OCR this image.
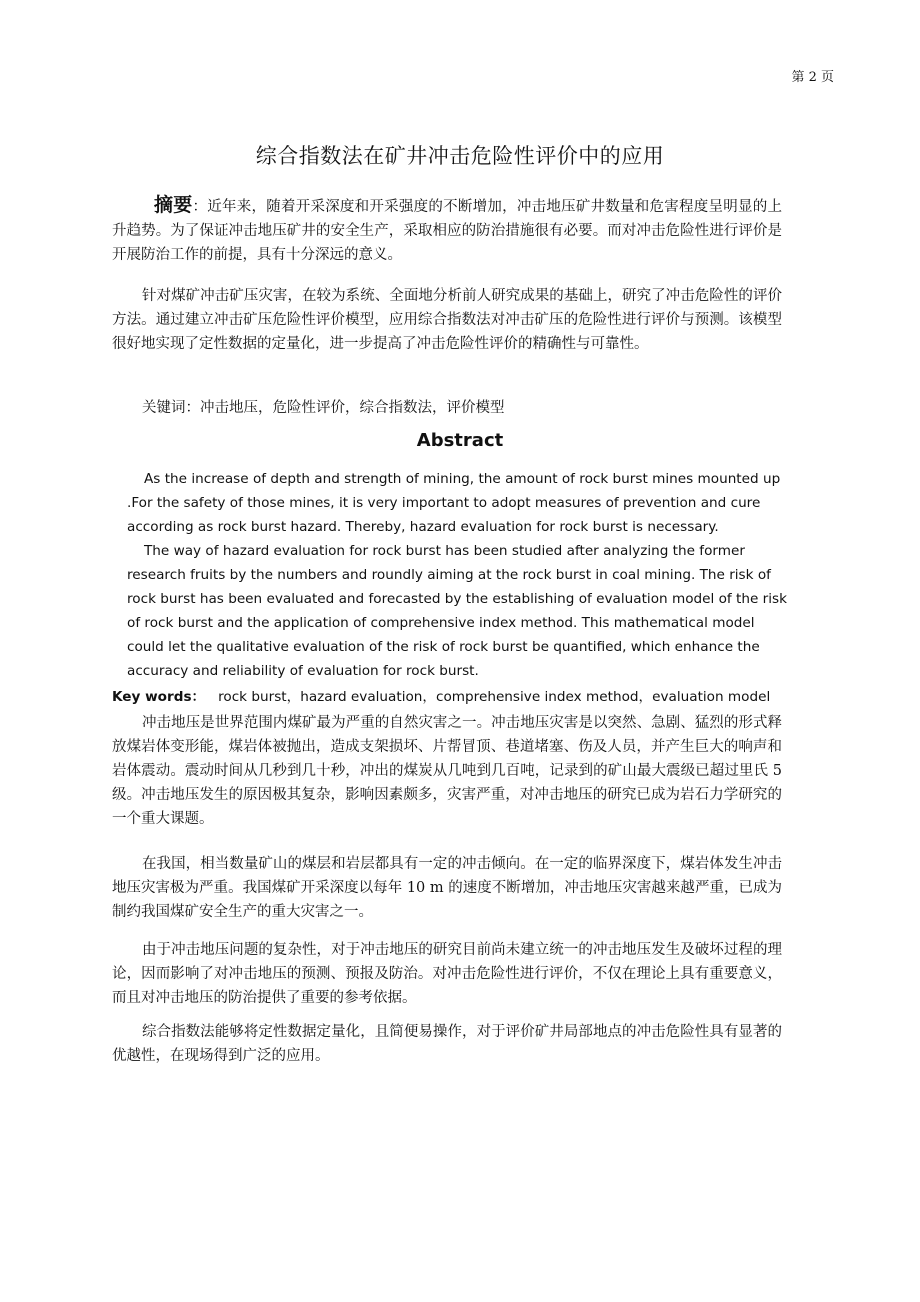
第 2 页
综合指数法在矿井冲击危险性评价中的应用

摘要：近年来，随着开采深度和开采强度的不断增加，冲击地压矿井数量和危害程度呈明显的上升趋势。为了保证冲击地压矿井的安全生产，采取相应的防治措施很有必要。而对冲击危险性进行评价是开展防治工作的前提，具有十分深远的意义。

针对煤矿冲击矿压灾害，在较为系统、全面地分析前人研究成果的基础上，研究了冲击危险性的评价方法。通过建立冲击矿压危险性评价模型，应用综合指数法对冲击矿压的危险性进行评价与预测。该模型很好地实现了定性数据的定量化，进一步提高了冲击危险性评价的精确性与可靠性。

关键词：冲击地压，危险性评价，综合指数法，评价模型

Abstract

As the increase of depth and strength of mining, the amount of rock burst mines mounted up .For the safety of those mines, it is very important to adopt measures of prevention and cure according as rock burst hazard. Thereby, hazard evaluation for rock burst is necessary.

The way of hazard evaluation for rock burst has been studied after analyzing the former research fruits by the numbers and roundly aiming at the rock burst in coal mining. The risk of rock burst has been evaluated and forecasted by the establishing of evaluation model of the risk of rock burst and the application of comprehensive index method. This mathematical model could let the qualitative evaluation of the risk of rock burst be quantified, which enhance the accuracy and reliability of evaluation for rock burst.

Key words： rock burst，hazard evaluation，comprehensive index method，evaluation model

冲击地压是世界范围内煤矿最为严重的自然灾害之一。冲击地压灾害是以突然、急剧、猛烈的形式释放煤岩体变形能，煤岩体被抛出，造成支架损坏、片帮冒顶、巷道堵塞、伤及人员，并产生巨大的响声和岩体震动。震动时间从几秒到几十秒，冲出的煤炭从几吨到几百吨，记录到的矿山最大震级已超过里氏 5 级。冲击地压发生的原因极其复杂，影响因素颇多，灾害严重，对冲击地压的研究已成为岩石力学研究的一个重大课题。

在我国，相当数量矿山的煤层和岩层都具有一定的冲击倾向。在一定的临界深度下，煤岩体发生冲击地压灾害极为严重。我国煤矿开采深度以每年 10 m 的速度不断增加，冲击地压灾害越来越严重，已成为制约我国煤矿安全生产的重大灾害之一。

由于冲击地压问题的复杂性，对于冲击地压的研究目前尚未建立统一的冲击地压发生及破坏过程的理论，因而影响了对冲击地压的预测、预报及防治。对冲击危险性进行评价，不仅在理论上具有重要意义，而且对冲击地压的防治提供了重要的参考依据。

综合指数法能够将定性数据定量化，且简便易操作，对于评价矿井局部地点的冲击危险性具有显著的优越性，在现场得到广泛的应用。
